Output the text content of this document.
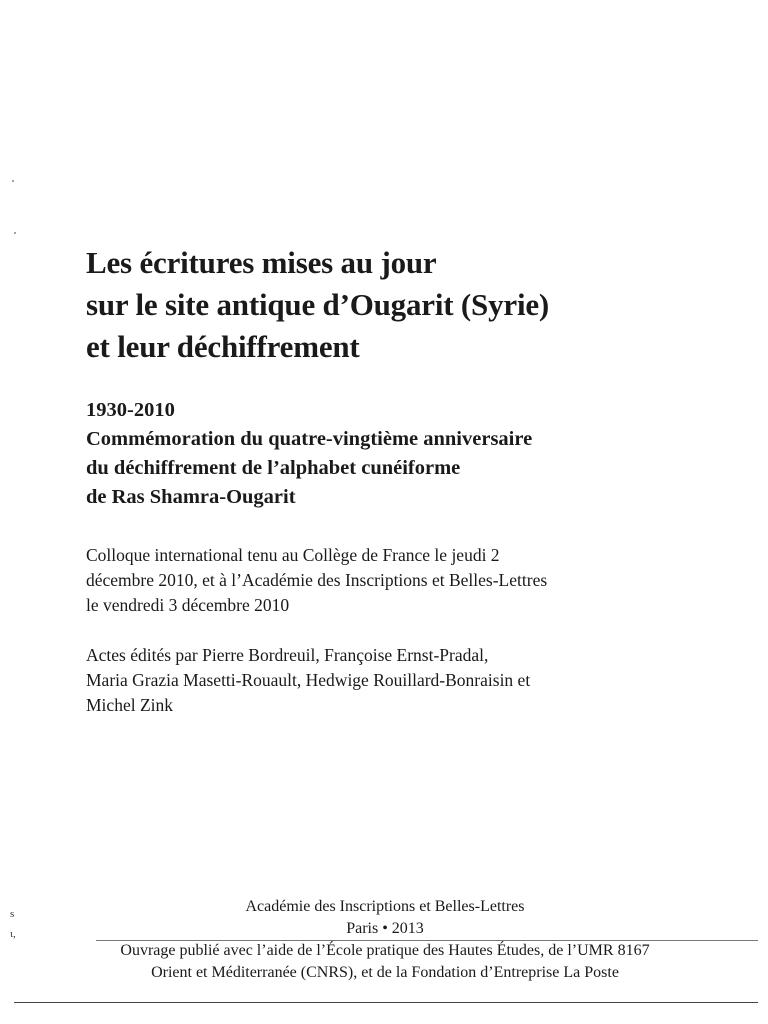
Les écritures mises au jour
sur le site antique d’Ougarit (Syrie)
et leur déchiffrement
1930-2010
Commémoration du quatre-vingtième anniversaire
du déchiffrement de l’alphabet cunéiforme
de Ras Shamra-Ougarit
Colloque international tenu au Collège de France le jeudi 2
décembre 2010, et à l’Académie des Inscriptions et Belles-Lettres
le vendredi 3 décembre 2010
Actes édités par Pierre Bordreuil, Françoise Ernst-Pradal,
Maria Grazia Masetti-Rouault, Hedwige Rouillard-Bonraisin et
Michel Zink
s
ι,
Académie des Inscriptions et Belles-Lettres
Paris • 2013
Ouvrage publié avec l’aide de l’École pratique des Hautes Études, de l’UMR 8167
Orient et Méditerranée (CNRS), et de la Fondation d’Entreprise La Poste
